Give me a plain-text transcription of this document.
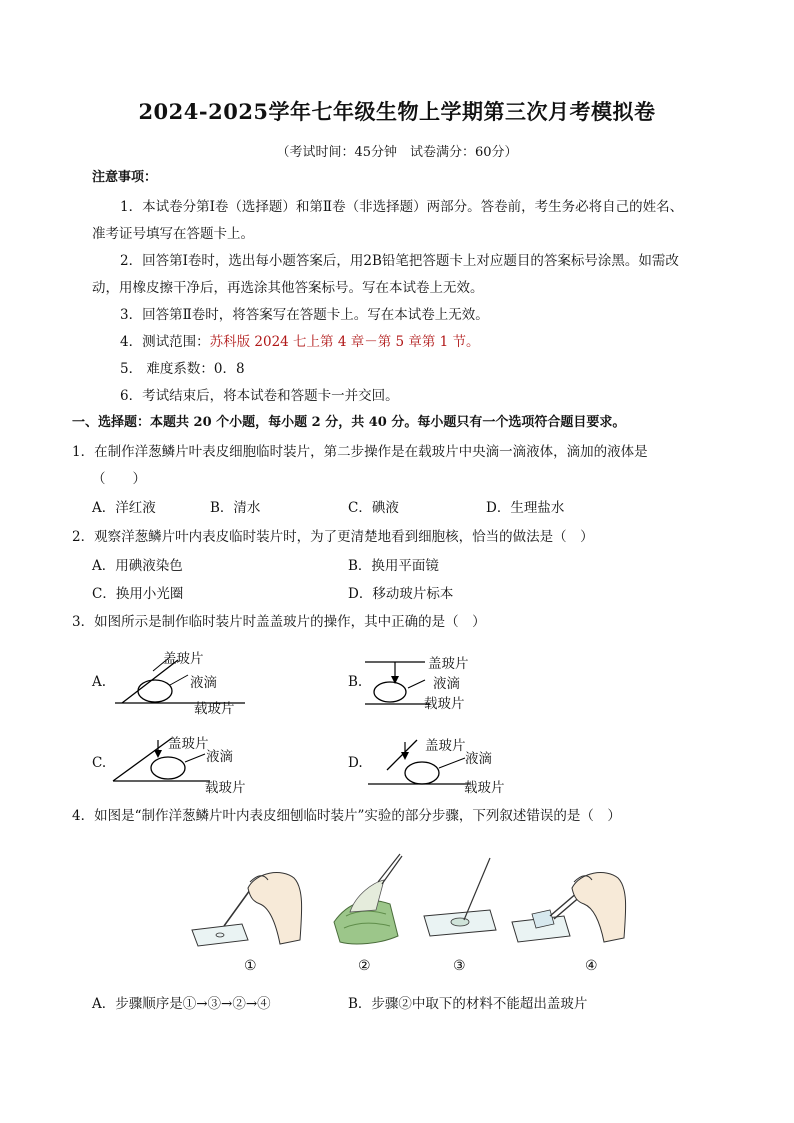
2024-2025学年七年级生物上学期第三次月考模拟卷
（考试时间：45分钟　试卷满分：60分）
注意事项：
1．本试卷分第Ⅰ卷（选择题）和第Ⅱ卷（非选择题）两部分。答卷前，考生务必将自己的姓名、
准考证号填写在答题卡上。
2．回答第Ⅰ卷时，选出每小题答案后，用2B铅笔把答题卡上对应题目的答案标号涂黑。如需改
动，用橡皮擦干净后，再选涂其他答案标号。写在本试卷上无效。
3．回答第Ⅱ卷时，将答案写在答题卡上。写在本试卷上无效。
4．测试范围：苏科版 2024 七上第 4 章－第 5 章第 1 节。
5． 难度系数：0．8
6．考试结束后，将本试卷和答题卡一并交回。
一、选择题：本题共 20 个小题，每小题 2 分，共 40 分。每小题只有一个选项符合题目要求。
1．在制作洋葱鳞片叶表皮细胞临时装片，第二步操作是在载玻片中央滴一滴液体，滴加的液体是
（　　）
A．洋红液	B．清水	C．碘液	D．生理盐水
2．观察洋葱鳞片叶内表皮临时装片时，为了更清楚地看到细胞核，恰当的做法是（　）
A．用碘液染色	B．换用平面镜
C．换用小光圈	D．移动玻片标本
3．如图所示是制作临时装片时盖盖玻片的操作，其中正确的是（　）
A.
盖玻片
液滴
载玻片
B.
盖玻片
液滴
载玻片
C.
盖玻片
液滴
载玻片
D.
盖玻片
液滴
载玻片
4．如图是“制作洋葱鳞片叶内表皮细刨临时装片”实验的部分步骤，下列叙述错误的是（　）
①	②	③	④
A．步骤顺序是①→③→②→④	B．步骤②中取下的材料不能超出盖玻片
